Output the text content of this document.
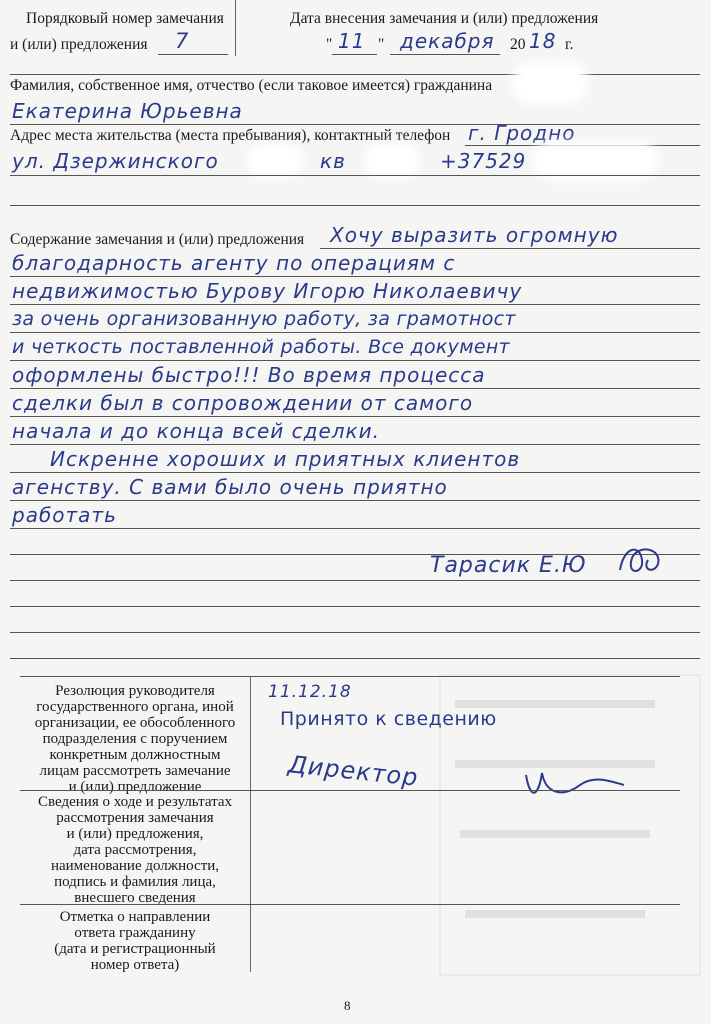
Порядковый номер замечания
и (или) предложения 7
Дата внесения замечания и (или) предложения
" 11 " декабря 20 18 г.
Фамилия, собственное имя, отчество (если таковое имеется) гражданина
Екатерина Юрьевна
Адрес места жительства (места пребывания), контактный телефон г. Гродно
ул. Дзержинского	кв	+37529
Содержание замечания и (или) предложения Хочу выразить огромную
благодарность агенту по операциям с
недвижимостью Бурову Игорю Николаевичу
за очень организованную работу, за грамотност
и четкость поставленной работы. Все документ
оформлены быстро!!! Во время процесса
сделки был в сопровождении от самого
начала и до конца всей сделки.
Искренне хороших и приятных клиентов
агенству. С вами было очень приятно
работать
Тарасик Е.Ю
Резолюция руководителя
государственного органа, иной
организации, ее обособленного
подразделения с поручением
конкретным должностным
лицам рассмотреть замечание
и (или) предложение
11.12.18
Принято к сведению
Директор
Сведения о ходе и результатах
рассмотрения замечания
и (или) предложения,
дата рассмотрения,
наименование должности,
подпись и фамилия лица,
внесшего сведения
Отметка о направлении
ответа гражданину
(дата и регистрационный
номер ответа)
8
